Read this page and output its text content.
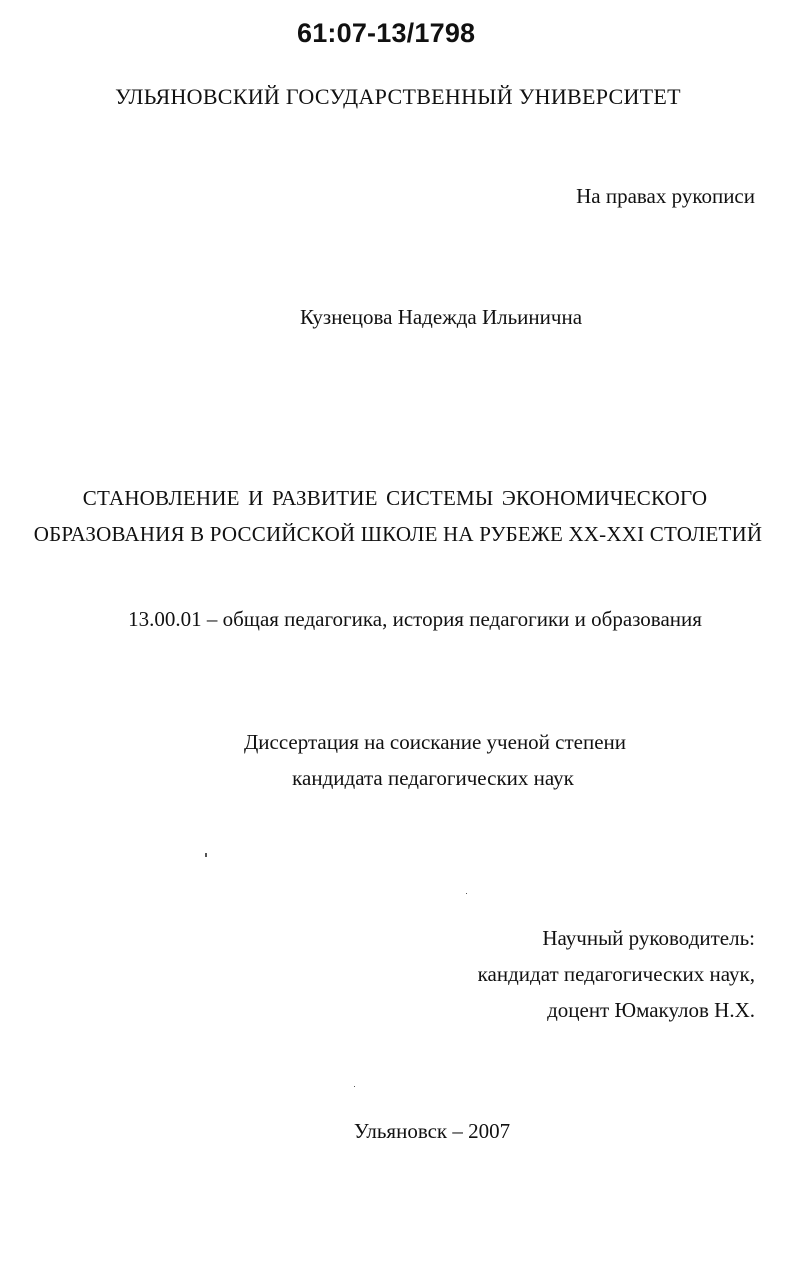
61:07-13/1798
УЛЬЯНОВСКИЙ ГОСУДАРСТВЕННЫЙ УНИВЕРСИТЕТ
На правах рукописи
Кузнецова Надежда Ильинична
СТАНОВЛЕНИЕ И РАЗВИТИЕ СИСТЕМЫ ЭКОНОМИЧЕСКОГО
ОБРАЗОВАНИЯ В РОССИЙСКОЙ ШКОЛЕ НА РУБЕЖЕ XX-XXI СТОЛЕТИЙ
13.00.01 – общая педагогика, история педагогики и образования
Диссертация на соискание ученой степени
кандидата педагогических наук
Научный руководитель:
кандидат педагогических наук,
доцент Юмакулов Н.Х.
Ульяновск – 2007
